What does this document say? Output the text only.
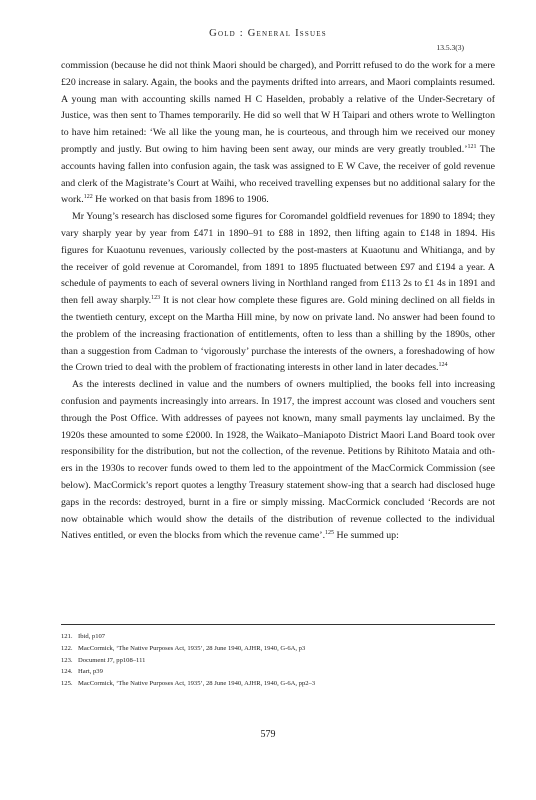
Gold : General Issues
13.5.3(3)

commission (because he did not think Maori should be charged), and Porritt refused to do the work for a mere £20 increase in salary. Again, the books and the payments drifted into arrears, and Maori complaints resumed. A young man with accounting skills named H C Haselden, probably a relative of the Under-Secretary of Justice, was then sent to Thames temporarily. He did so well that W H Taipari and others wrote to Wellington to have him retained: ‘We all like the young man, he is courteous, and through him we received our money promptly and justly. But owing to him having been sent away, our minds are very greatly troubled.’$^{121}$ The accounts having fallen into confusion again, the task was assigned to E W Cave, the receiver of gold revenue and clerk of the Magistrate’s Court at Waihi, who received travelling expenses but no additional salary for the work.$^{122}$ He worked on that basis from 1896 to 1906.

Mr Young’s research has disclosed some figures for Coromandel goldfield revenues for 1890 to 1894; they vary sharply year by year from £471 in 1890–91 to £88 in 1892, then lifting again to £148 in 1894. His figures for Kuaotunu revenues, variously collected by the post-masters at Kuaotunu and Whitianga, and by the receiver of gold revenue at Coromandel, from 1891 to 1895 fluctuated between £97 and £194 a year. A schedule of payments to each of several owners living in Northland ranged from £113 2s to £1 4s in 1891 and then fell away sharply.$^{123}$ It is not clear how complete these figures are. Gold mining declined on all fields in the twentieth century, except on the Martha Hill mine, by now on private land. No answer had been found to the problem of the increasing fractionation of entitlements, often to less than a shilling by the 1890s, other than a suggestion from Cadman to ‘vigorously’ purchase the interests of the owners, a foreshadowing of how the Crown tried to deal with the problem of fractionating interests in other land in later decades.$^{124}$

As the interests declined in value and the numbers of owners multiplied, the books fell into increasing confusion and payments increasingly into arrears. In 1917, the imprest account was closed and vouchers sent through the Post Office. With addresses of payees not known, many small payments lay unclaimed. By the 1920s these amounted to some £2000. In 1928, the Waikato–Maniapoto District Maori Land Board took over responsibility for the distribution, but not the collection, of the revenue. Petitions by Rihitoto Mataia and oth-ers in the 1930s to recover funds owed to them led to the appointment of the MacCormick Commission (see below). MacCormick’s report quotes a lengthy Treasury statement show-ing that a search had disclosed huge gaps in the records: destroyed, burnt in a fire or simply missing. MacCormick concluded ‘Records are not now obtainable which would show the details of the distribution of revenue collected to the individual Natives entitled, or even the blocks from which the revenue came’.$^{125}$ He summed up:

121. Ibid, p107
122. MacCormick, ‘The Native Purposes Act, 1935’, 28 June 1940, AJHR, 1940, G-6A, p3
123. Document J7, pp108–111
124. Hart, p39
125. MacCormick, ‘The Native Purposes Act, 1935’, 28 June 1940, AJHR, 1940, G-6A, pp2–3
579
